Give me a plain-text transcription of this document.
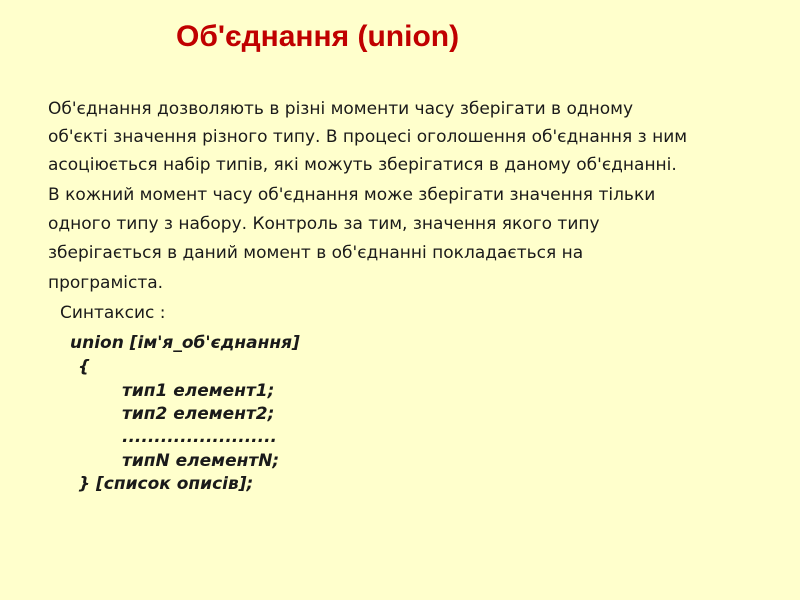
Об'єднання (union)
Об'єднання дозволяють в різні моменти часу зберігати в одному
об'єкті значення різного типу. В процесі оголошення об'єднання з ним
асоціюється набір типів, які можуть зберігатися в даному об'єднанні.
В кожний момент часу об'єднання може зберігати значення тільки
одного типу з набору. Контроль за тим, значення якого типу
зберігається в даний момент в об'єднанні покладається на
програміста.
Синтаксис :
union [ім'я_об'єднання]
{
тип1 елемент1;
тип2 елемент2;
........................
типN елементN;
} [список описів];
